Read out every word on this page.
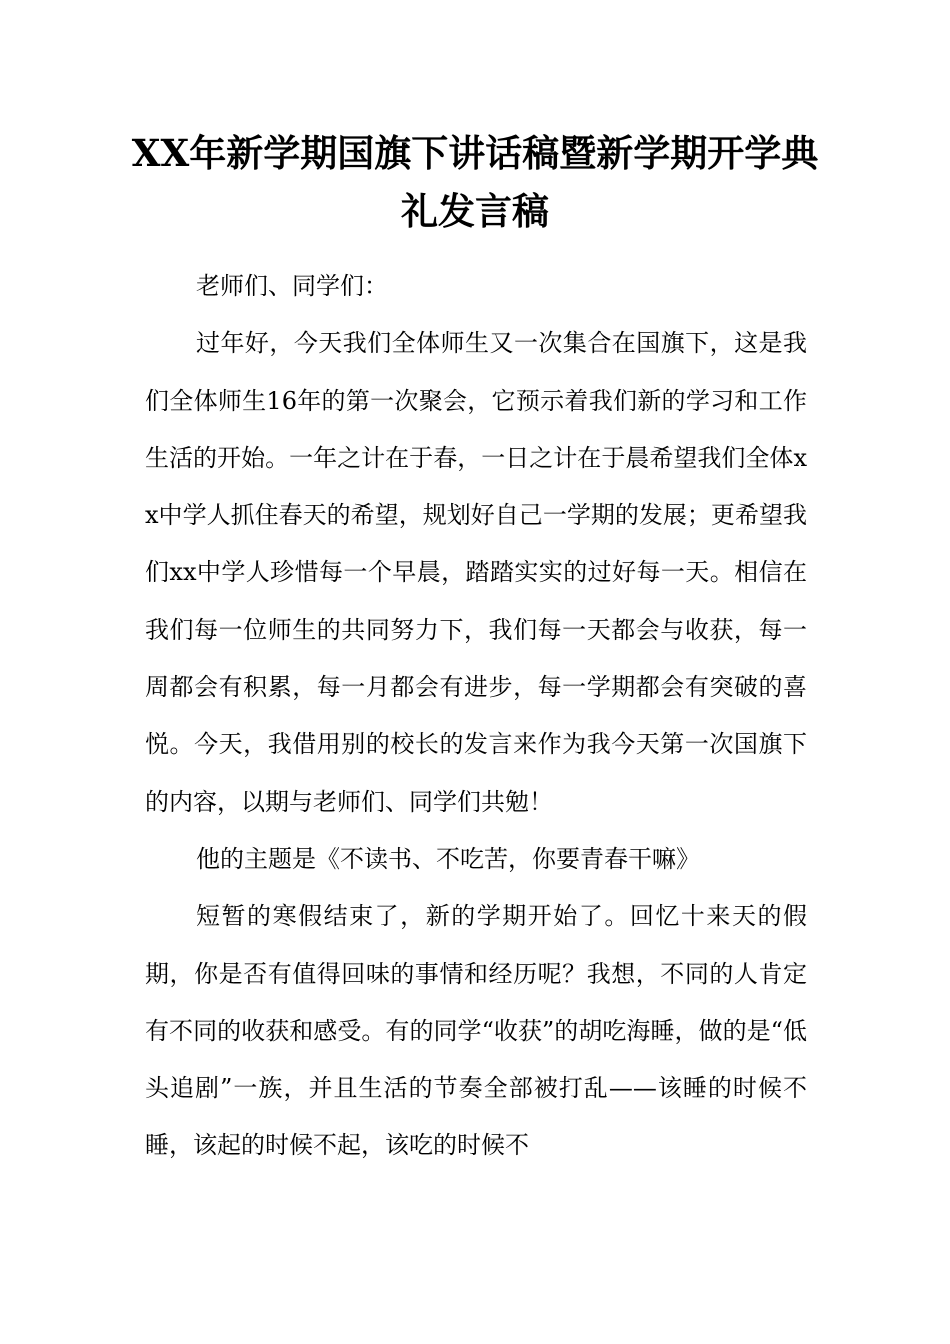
XX年新学期国旗下讲话稿暨新学期开学典礼发言稿

老师们、同学们：

过年好，今天我们全体师生又一次集合在国旗下，这是我们全体师生16年的第一次聚会，它预示着我们新的学习和工作生活的开始。一年之计在于春，一日之计在于晨希望我们全体xx中学人抓住春天的希望，规划好自己一学期的发展；更希望我们xx中学人珍惜每一个早晨，踏踏实实的过好每一天。相信在我们每一位师生的共同努力下，我们每一天都会与收获，每一周都会有积累，每一月都会有进步，每一学期都会有突破的喜悦。今天，我借用别的校长的发言来作为我今天第一次国旗下的内容，以期与老师们、同学们共勉！

他的主题是《不读书、不吃苦，你要青春干嘛》

短暂的寒假结束了，新的学期开始了。回忆十来天的假期，你是否有值得回味的事情和经历呢？我想，不同的人肯定有不同的收获和感受。有的同学“收获”的胡吃海睡，做的是“低头追剧”一族，并且生活的节奏全部被打乱——该睡的时候不睡，该起的时候不起，该吃的时候不
